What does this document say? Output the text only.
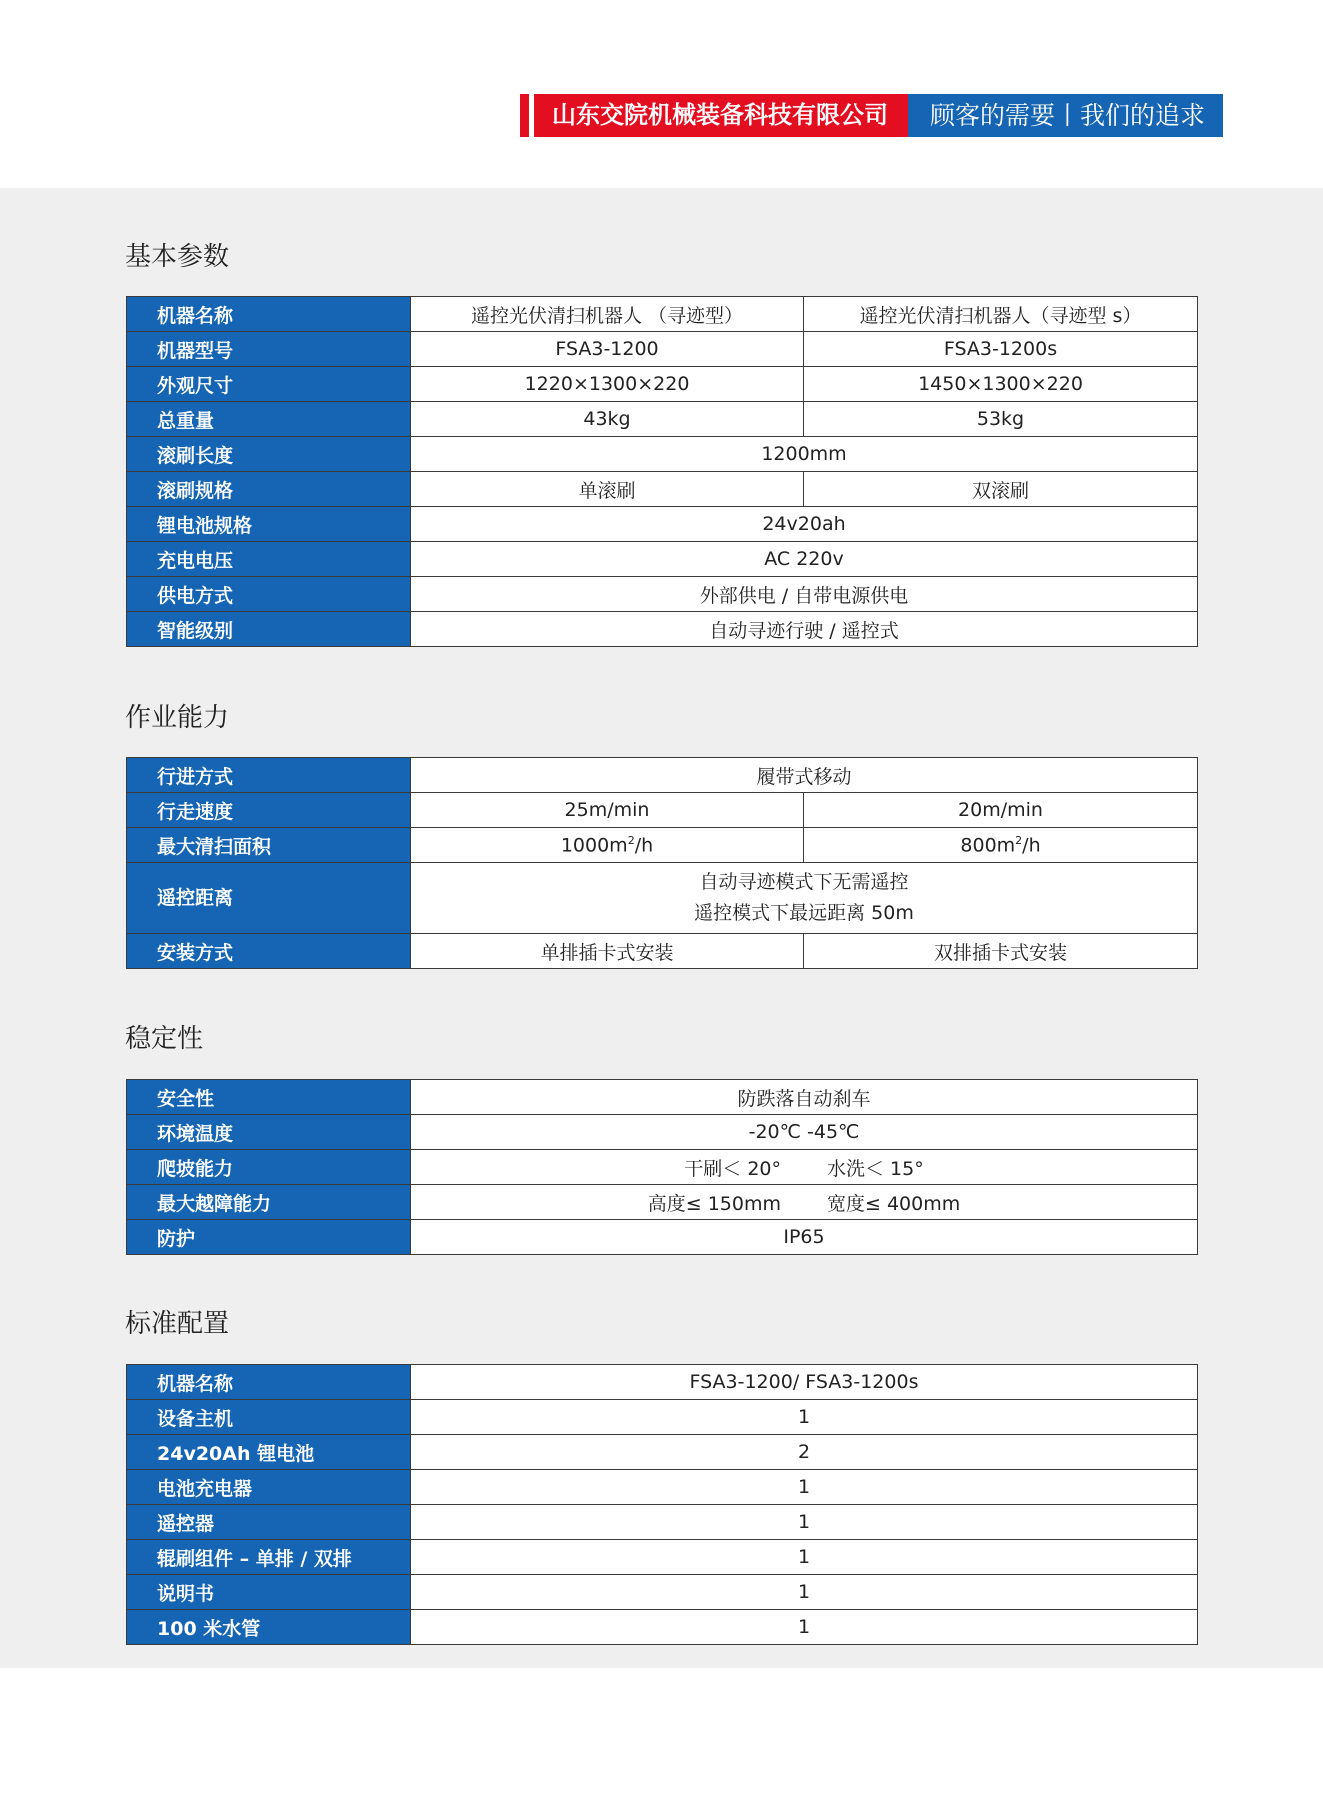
山东交院机械装备科技有限公司	顾客的需要丨我们的追求
基本参数
机器名称	遥控光伏清扫机器人 （寻迹型）	遥控光伏清扫机器人（寻迹型 s）
机器型号	FSA3-1200	FSA3-1200s
外观尺寸	1220×1300×220	1450×1300×220
总重量	43kg	53kg
滚刷长度	1200mm	
滚刷规格	单滚刷	双滚刷
锂电池规格	24v20ah	
充电电压	AC 220v	
供电方式	外部供电 / 自带电源供电	
智能级别	自动寻迹行驶 / 遥控式	
作业能力
行进方式	履带式移动	
行走速度	25m/min	20m/min
最大清扫面积	$1000m^2/h$	$800m^2/h$
遥控距离	自动寻迹模式下无需遥控
遥控模式下最远距离 50m	

安装方式	单排插卡式安装	双排插卡式安装
稳定性
安全性	防跌落自动刹车
环境温度	-20℃ -45℃
爬坡能力	干刷＜ 20° 水洗＜ 15°
最大越障能力	高度≤ 150mm 宽度≤ 400mm
防护	IP65
标准配置
机器名称	FSA3-1200/ FSA3-1200s
设备主机	1
24v20Ah 锂电池	2
电池充电器	1
遥控器	1
辊刷组件 – 单排 / 双排	1
说明书	1
100 米水管	1
